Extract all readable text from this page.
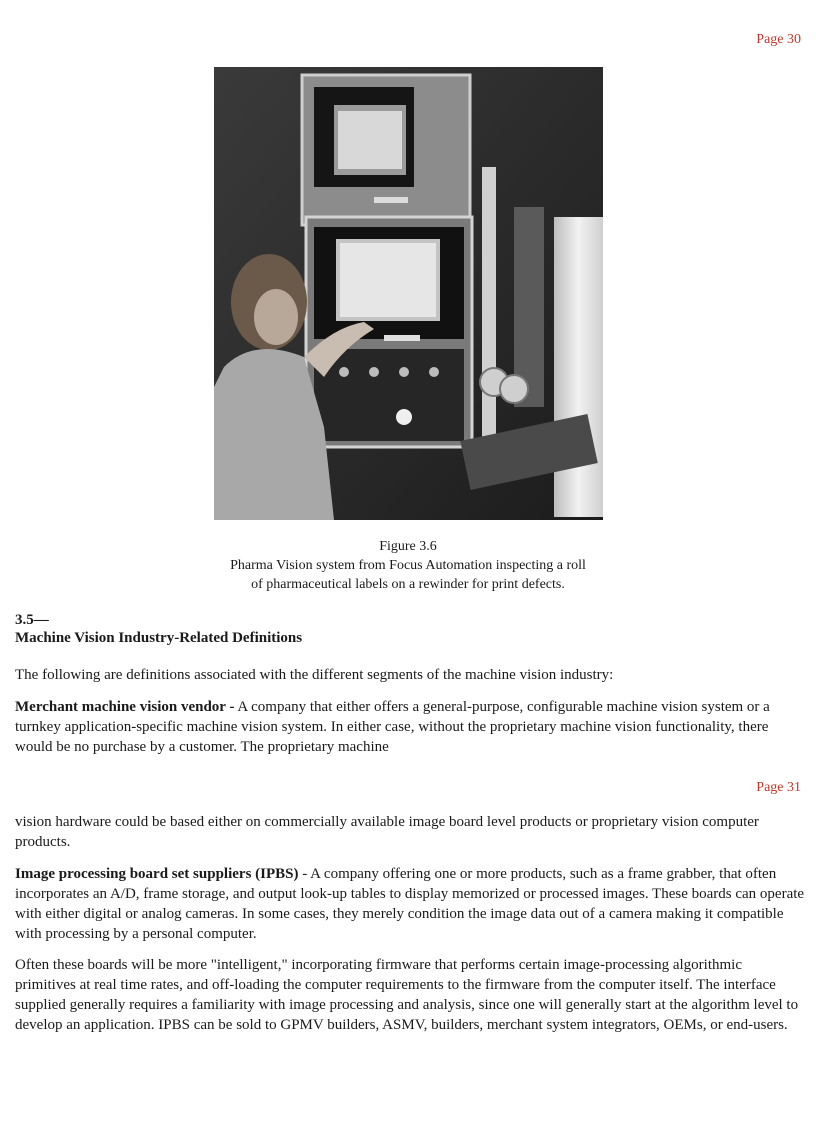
Page 30
Figure 3.6
Pharma Vision system from Focus Automation inspecting a roll
of pharmaceutical labels on a rewinder for print defects.
3.5—
Machine Vision Industry-Related Definitions

The following are definitions associated with the different segments of the machine vision industry:

Merchant machine vision vendor - A company that either offers a general-purpose, configurable machine vision system or a turnkey application-specific machine vision system. In either case, without the proprietary machine vision functionality, there would be no purchase by a customer. The proprietary machine

Page 31

vision hardware could be based either on commercially available image board level products or proprietary vision computer products.

Image processing board set suppliers (IPBS) - A company offering one or more products, such as a frame grabber, that often incorporates an A/D, frame storage, and output look-up tables to display memorized or processed images. These boards can operate with either digital or analog cameras. In some cases, they merely condition the image data out of a camera making it compatible with processing by a personal computer.

Often these boards will be more "intelligent," incorporating firmware that performs certain image-processing algorithmic primitives at real time rates, and off-loading the computer requirements to the firmware from the computer itself. The interface supplied generally requires a familiarity with image processing and analysis, since one will generally start at the algorithm level to develop an application. IPBS can be sold to GPMV builders, ASMV, builders, merchant system integrators, OEMs, or end-users.
